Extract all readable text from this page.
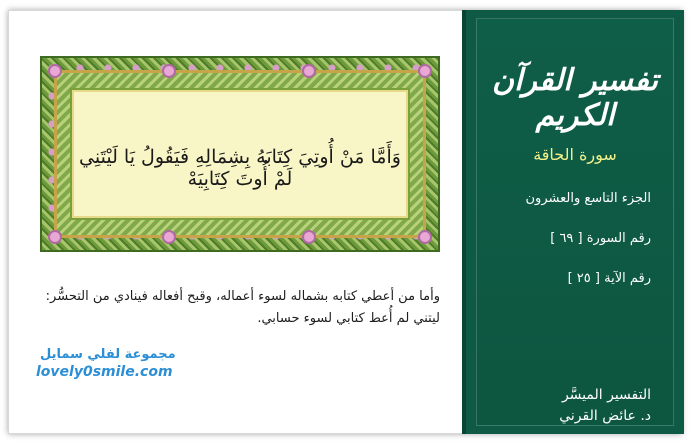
تفسير القرآن الكريم
سورة الحاقة
الجزء التاسع والعشرون
رقم السورة [ ٦٩ ]
رقم الآية [ ٢٥ ]
التفسير الميسَّر
د. عائض القرني
وَأَمَّا مَنْ أُوتِيَ كِتَابَهُ بِشِمَالِهِ فَيَقُولُ يَا لَيْتَنِي لَمْ أُوتَ كِتَابِيَهْ
وأما من أعطي كتابه بشماله لسوء أعماله، وقبح أفعاله فينادي من التحسُّر: ليتني لم أُعط كتابي لسوء حسابي.
مجموعة لفلي سمايل
lovely0smile.com
